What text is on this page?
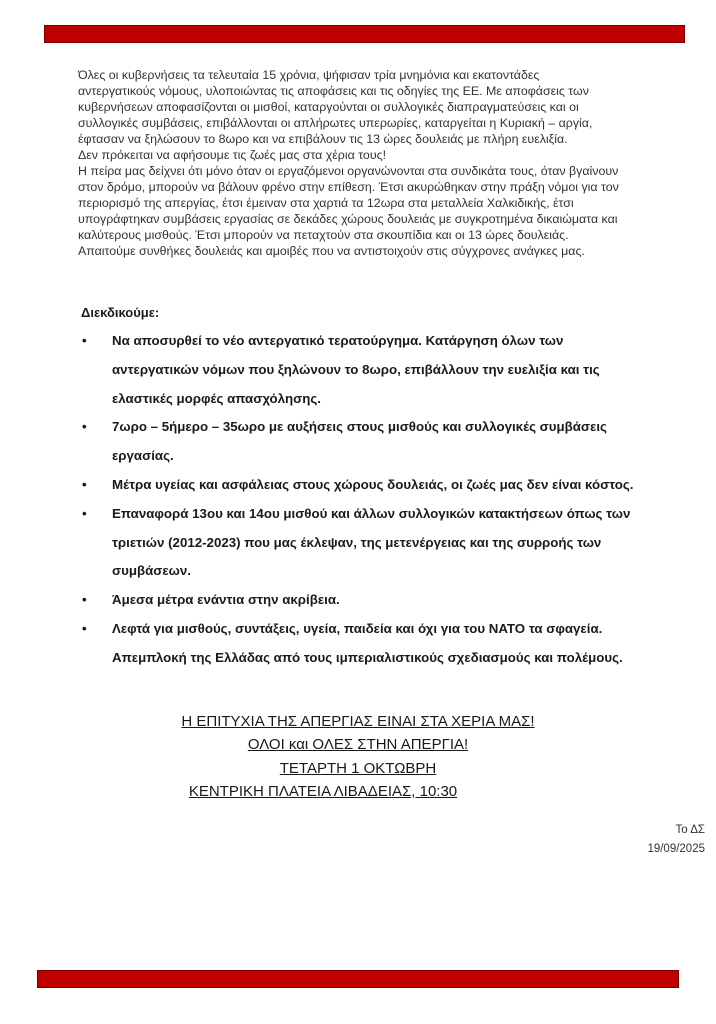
Όλες οι κυβερνήσεις τα τελευταία 15 χρόνια, ψήφισαν τρία μνημόνια και εκατοντάδες
αντεργατικούς νόμους, υλοποιώντας τις αποφάσεις και τις οδηγίες της ΕΕ. Με αποφάσεις των
κυβερνήσεων αποφασίζονται οι μισθοί, καταργούνται οι συλλογικές διαπραγματεύσεις και οι
συλλογικές συμβάσεις, επιβάλλονται οι απλήρωτες υπερωρίες, καταργείται η Κυριακή – αργία,
έφτασαν να ξηλώσουν το 8ωρο και να επιβάλουν τις 13 ώρες δουλειάς με πλήρη ευελιξία.
Δεν πρόκειται να αφήσουμε τις ζωές μας στα χέρια τους!
Η πείρα μας δείχνει ότι μόνο όταν οι εργαζόμενοι οργανώνονται στα συνδικάτα τους, όταν βγαίνουν
στον δρόμο, μπορούν να βάλουν φρένο στην επίθεση. Έτσι ακυρώθηκαν στην πράξη νόμοι για τον
περιορισμό της απεργίας, έτσι έμειναν στα χαρτιά τα 12ωρα στα μεταλλεία Χαλκιδικής, έτσι
υπογράφτηκαν συμβάσεις εργασίας σε δεκάδες χώρους δουλειάς με συγκροτημένα δικαιώματα και
καλύτερους μισθούς. Έτσι μπορούν να πεταχτούν στα σκουπίδια και οι 13 ώρες δουλειάς.
Απαιτούμε συνθήκες δουλειάς και αμοιβές που να αντιστοιχούν στις σύγχρονες ανάγκες μας.
Διεκδικούμε:
• Να αποσυρθεί το νέο αντεργατικό τερατούργημα. Κατάργηση όλων των
αντεργατικών νόμων που ξηλώνουν το 8ωρο, επιβάλλουν την ευελιξία και τις
ελαστικές μορφές απασχόλησης.
• 7ωρο – 5ήμερο – 35ωρο με αυξήσεις στους μισθούς και συλλογικές συμβάσεις
εργασίας.
• Μέτρα υγείας και ασφάλειας στους χώρους δουλειάς, οι ζωές μας δεν είναι κόστος.
• Επαναφορά 13ου και 14ου μισθού και άλλων συλλογικών κατακτήσεων όπως των
τριετιών (2012-2023) που μας έκλεψαν, της μετενέργειας και της συρροής των
συμβάσεων.
• Άμεσα μέτρα ενάντια στην ακρίβεια.
• Λεφτά για μισθούς, συντάξεις, υγεία, παιδεία και όχι για του ΝΑΤΟ τα σφαγεία.
Απεμπλοκή της Ελλάδας από τους ιμπεριαλιστικούς σχεδιασμούς και πολέμους.
Η ΕΠΙΤΥΧΙΑ ΤΗΣ ΑΠΕΡΓΙΑΣ ΕΙΝΑΙ ΣΤΑ ΧΕΡΙΑ ΜΑΣ!
ΟΛΟΙ και ΟΛΕΣ ΣΤΗΝ ΑΠΕΡΓΙΑ!
ΤΕΤΑΡΤΗ 1 ΟΚΤΩΒΡΗ
ΚΕΝΤΡΙΚΗ ΠΛΑΤΕΙΑ ΛΙΒΑΔΕΙΑΣ, 10:30
Το ΔΣ
19/09/2025
